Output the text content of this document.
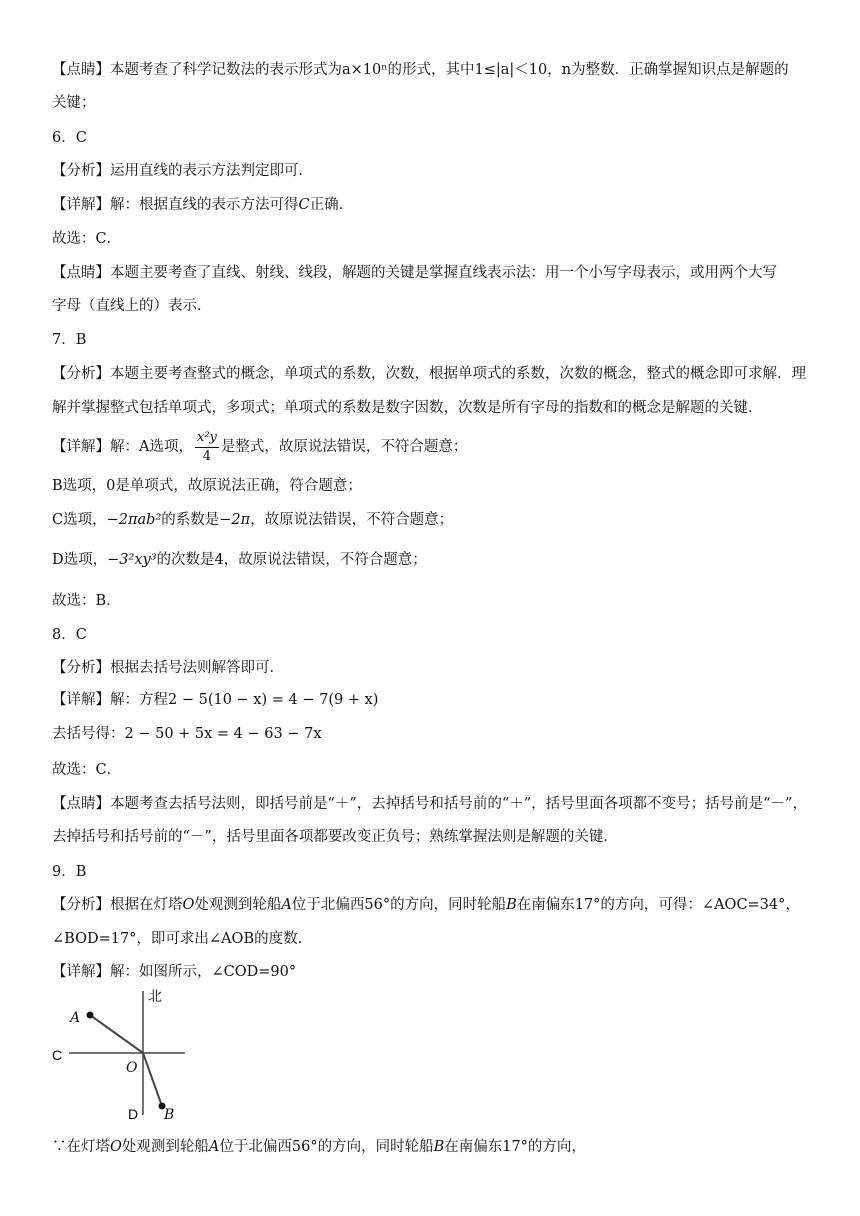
【点睛】本题考查了科学记数法的表示形式为a×10ⁿ的形式，其中1≤|a|＜10，n为整数．正确掌握知识点是解题的
关键；
6．C
【分析】运用直线的表示方法判定即可．
【详解】解：根据直线的表示方法可得C正确．
故选：C．
【点睛】本题主要考查了直线、射线、线段，解题的关键是掌握直线表示法：用一个小写字母表示，或用两个大写
字母（直线上的）表示．
7．B
【分析】本题主要考查整式的概念，单项式的系数，次数，根据单项式的系数，次数的概念，整式的概念即可求解．理
解并掌握整式包括单项式，多项式；单项式的系数是数字因数，次数是所有字母的指数和的概念是解题的关键．
【详解】解：A选项， $\frac{\text{x²y}}{4}$ 是整式，故原说法错误，不符合题意；
B选项，0是单项式，故原说法正确，符合题意；
C选项，−2πab²的系数是−2π，故原说法错误，不符合题意；
D选项，−3²xy³的次数是4，故原说法错误，不符合题意；
故选：B．
8．C
【分析】根据去括号法则解答即可．
【详解】解：方程2 − 5(10 − x) = 4 − 7(9 + x)
去括号得：2 − 50 + 5x = 4 − 63 − 7x
故选：C．
【点睛】本题考查去括号法则，即括号前是“＋”，去掉括号和括号前的“＋”，括号里面各项都不变号；括号前是“－”，
去掉括号和括号前的“－”，括号里面各项都要改变正负号；熟练掌握法则是解题的关键．
9．B
【分析】根据在灯塔O处观测到轮船A位于北偏西56°的方向，同时轮船B在南偏东17°的方向，可得：∠AOC=34°，
∠BOD=17°，即可求出∠AOB的度数.
【详解】解：如图所示，∠COD=90°
北
A
C
O
D B
∵在灯塔O处观测到轮船A位于北偏西56°的方向，同时轮船B在南偏东17°的方向，
